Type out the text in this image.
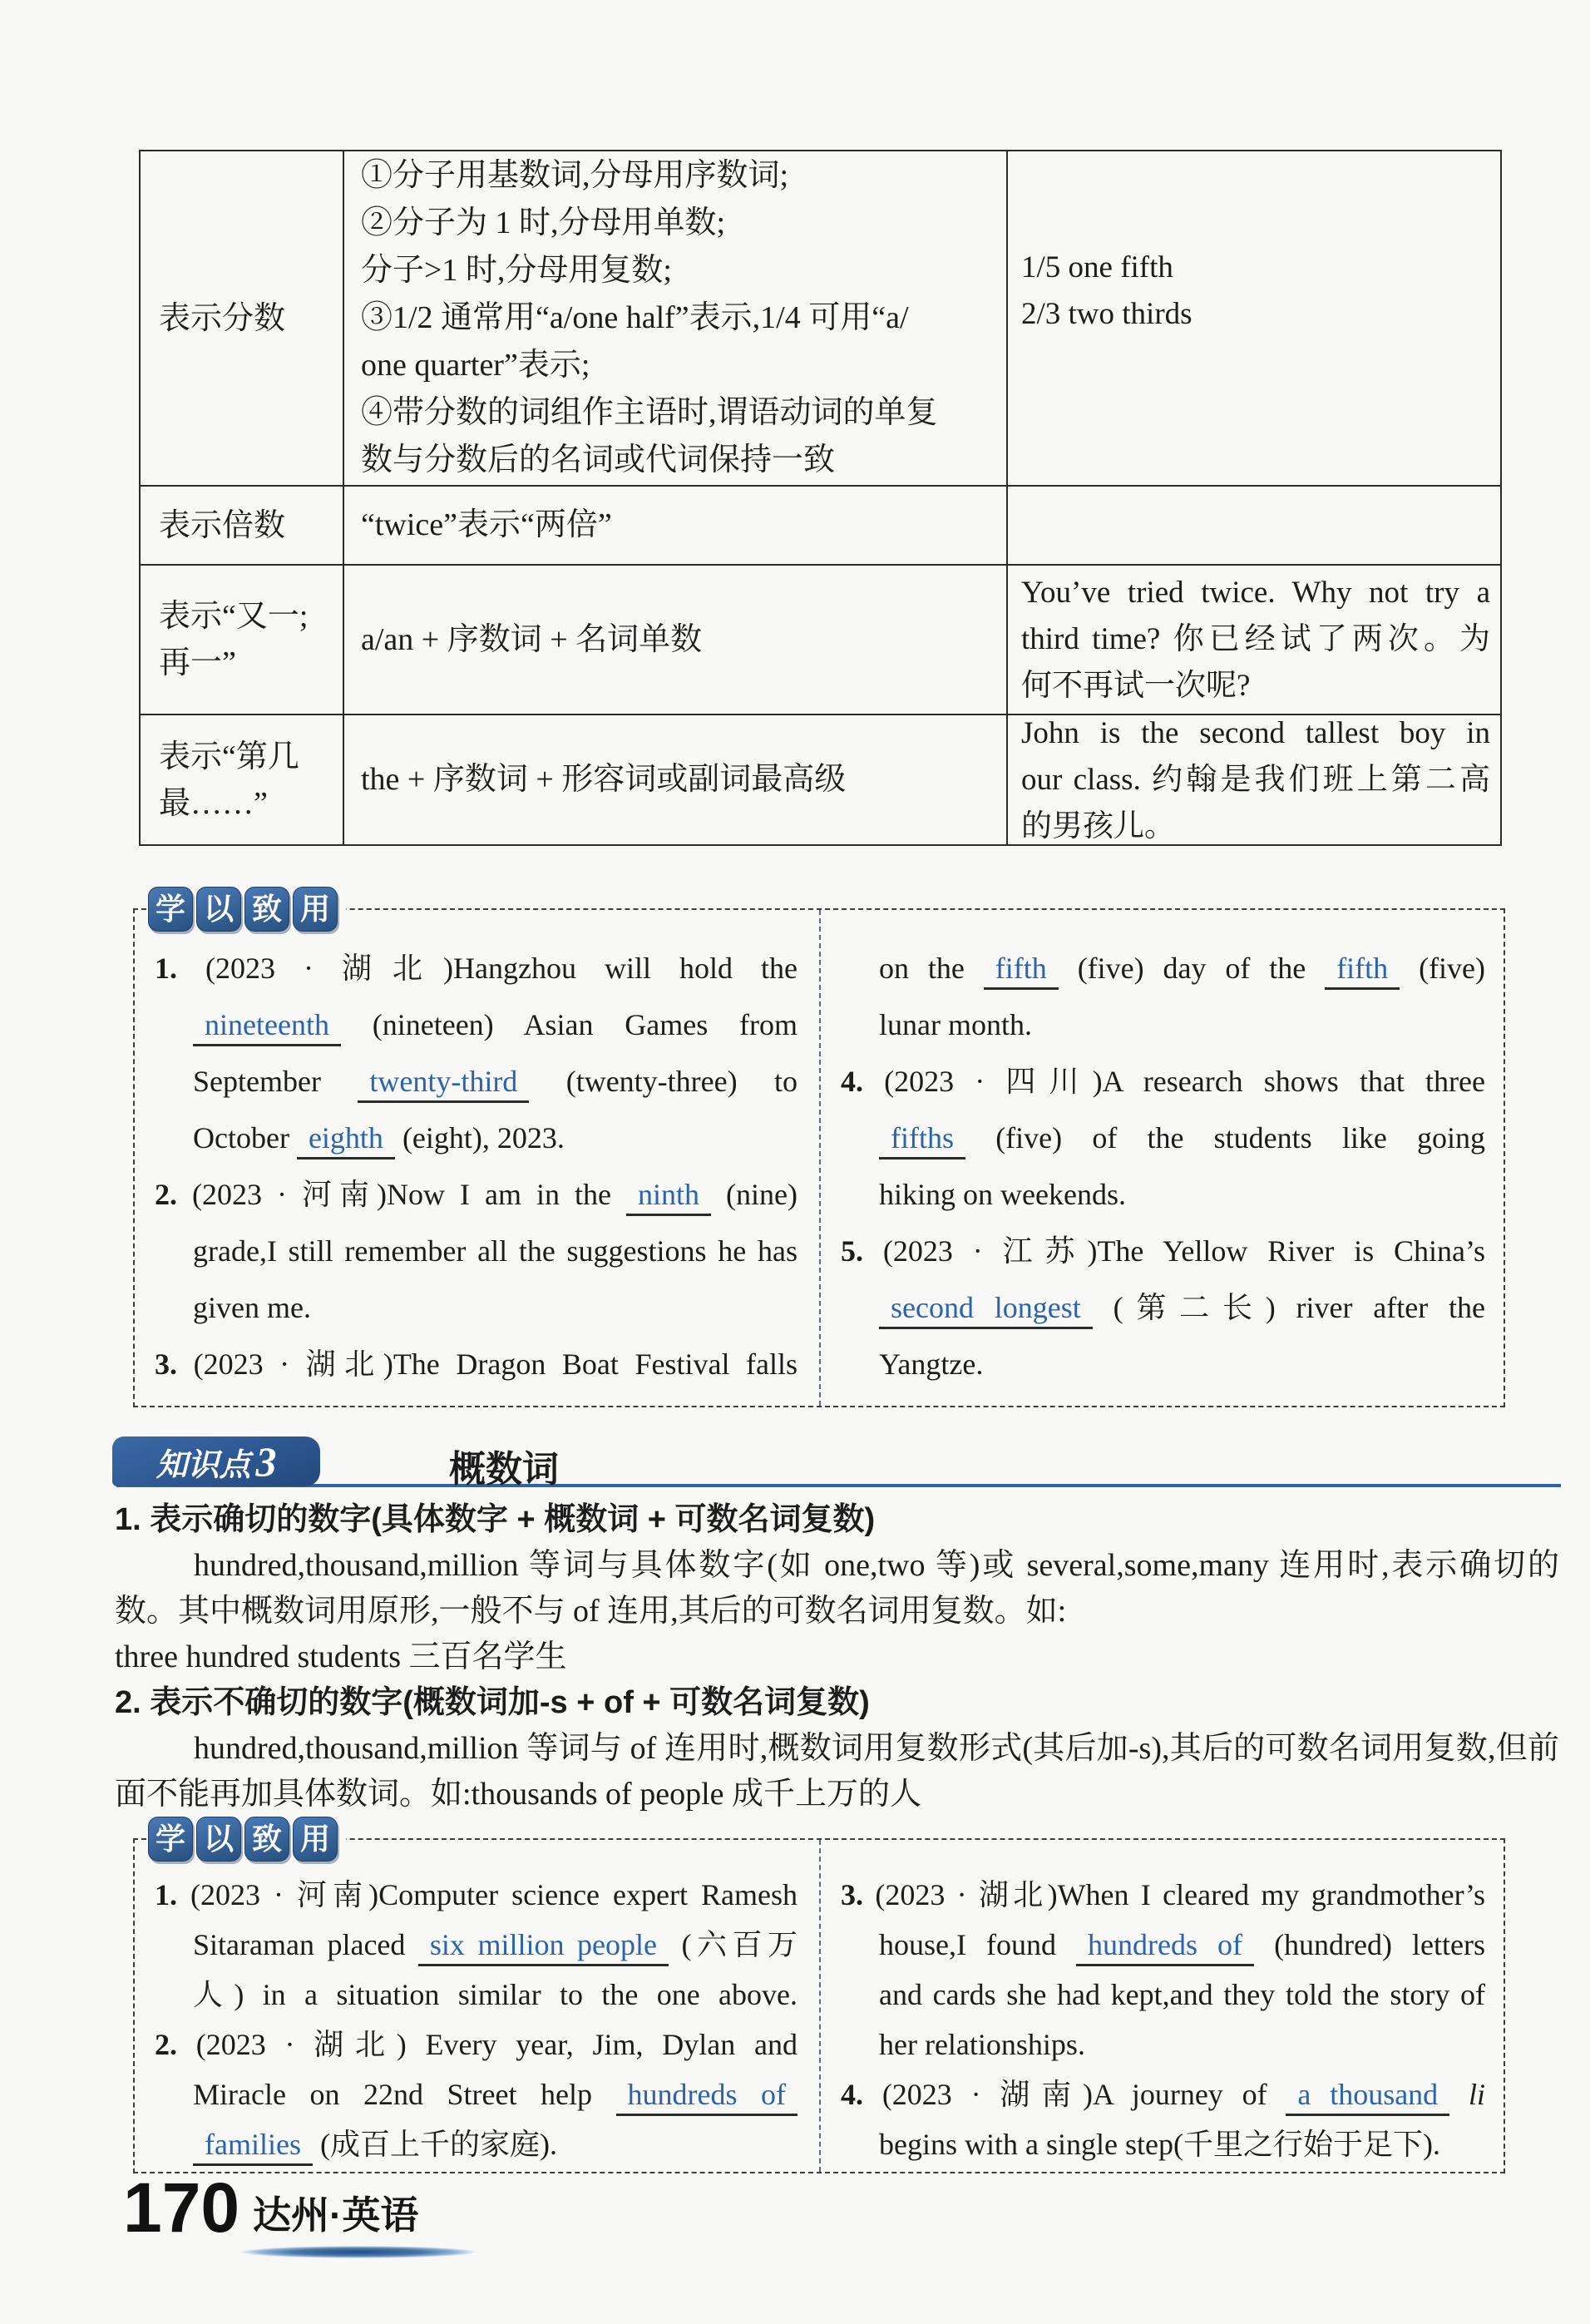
表示分数
①分子用基数词,分母用序数词;
②分子为 1 时,分母用单数;
分子>1 时,分母用复数;
③1/2 通常用“a/one half”表示,1/4 可用“a/
one quarter”表示;
④带分数的词组作主语时,谓语动词的单复
数与分数后的名词或代词保持一致
1/5 one fifth
2/3 two thirds
表示倍数	“twice”表示“两倍”
表示“又一;
再一”
a/an + 序数词 + 名词单数
You’ve tried twice. Why not try a
third time? 你已经试了两次。为
何不再试一次呢?
表示“第几
最……”
the + 序数词 + 形容词或副词最高级
John is the second tallest boy in
our class. 约翰是我们班上第二高
的男孩儿。
学 以 致 用
1. (2023 · 湖北)Hangzhou will hold the
nineteenth (nineteen) Asian Games from
September twenty-third (twenty-three) to
October eighth (eight), 2023.
2. (2023 · 河南)Now I am in the ninth (nine)
grade,I still remember all the suggestions he has
given me.
3. (2023 · 湖北)The Dragon Boat Festival falls
on the fifth (five) day of the fifth (five)
lunar month.
4. (2023 · 四川)A research shows that three
fifths (five) of the students like going
hiking on weekends.
5. (2023 · 江苏)The Yellow River is China’s
second longest (第二长) river after the
Yangtze.
知识点 3	概数词

1. 表示确切的数字(具体数字 + 概数词 + 可数名词复数)

hundred,thousand,million 等词与具体数字(如 one,two 等)或 several,some,many 连用时,表示确切的数。其中概数词用原形,一般不与 of 连用,其后的可数名词用复数。如:

three hundred students 三百名学生

2. 表示不确切的数字(概数词加-s + of + 可数名词复数)

hundred,thousand,million 等词与 of 连用时,概数词用复数形式(其后加-s),其后的可数名词用复数,但前面不能再加具体数词。如:thousands of people 成千上万的人

学 以 致 用
1. (2023 · 河南)Computer science expert Ramesh
Sitaraman placed six million people (六百万
人) in a situation similar to the one above.
2. (2023 · 湖北) Every year, Jim, Dylan and
Miracle on 22nd Street help hundreds of
families (成百上千的家庭).
3. (2023 · 湖北)When I cleared my grandmother’s
house,I found hundreds of (hundred) letters
and cards she had kept,and they told the story of
her relationships.
4. (2023 · 湖南)A journey of a thousand li
begins with a single step(千里之行始于足下).
170 达州·英语
